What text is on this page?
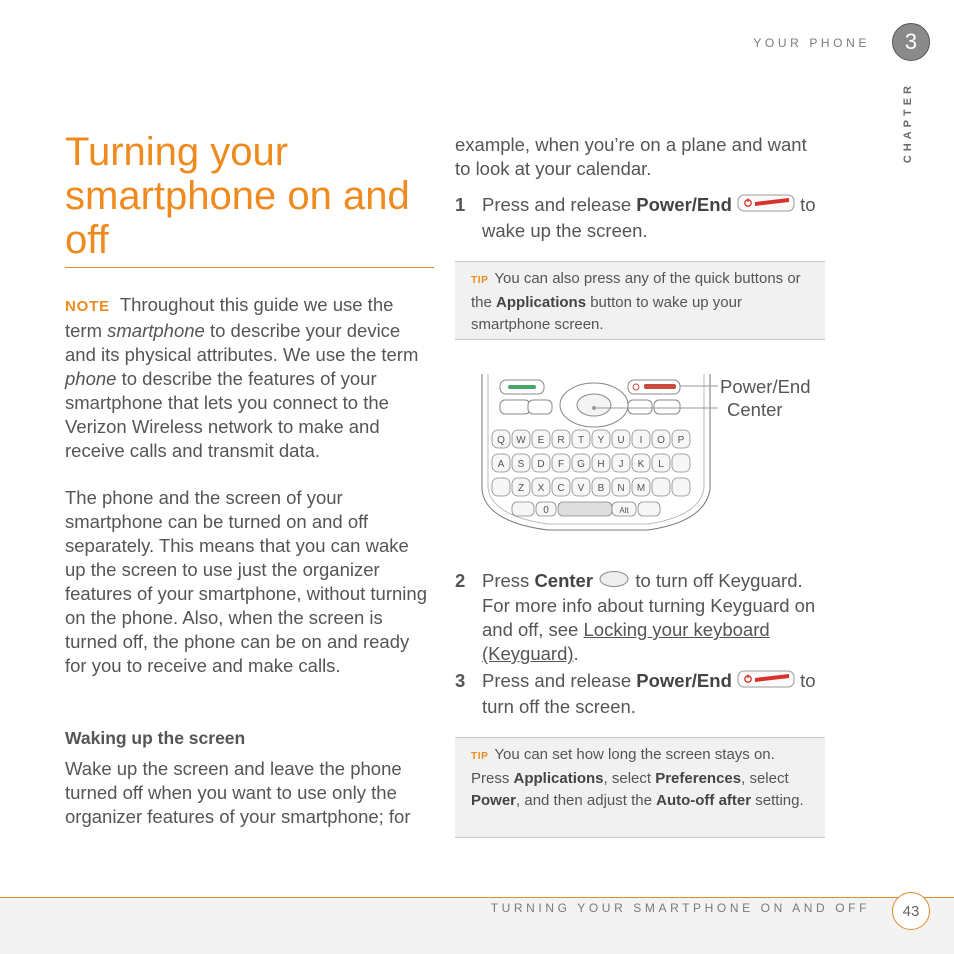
YOUR PHONE	3
CHAPTER
Turning your smartphone on and off
NOTE Throughout this guide we use the term smartphone to describe your device and its physical attributes. We use the term phone to describe the features of your smartphone that lets you connect to the Verizon Wireless network to make and receive calls and transmit data.
The phone and the screen of your smartphone can be turned on and off separately. This means that you can wake up the screen to use just the organizer features of your smartphone, without turning on the phone. Also, when the screen is turned off, the phone can be on and ready for you to receive and make calls.
Waking up the screen
Wake up the screen and leave the phone turned off when you want to use only the organizer features of your smartphone; for
example, when you’re on a plane and want to look at your calendar.
1 Press and release Power/End	to wake up the screen.
TIP You can also press any of the quick buttons or the Applications button to wake up your smartphone screen.
Q W E R T Y U I O P
A S D F G H J K L
Z X C V B N M
Alt
0
Power/End
Center
2 Press Center  to turn off Keyguard. For more info about turning Keyguard on and off, see Locking your keyboard (Keyguard).
3 Press and release Power/End	to turn off the screen.
TIP You can set how long the screen stays on. Press Applications, select Preferences, select Power, and then adjust the Auto-off after setting.
TURNING YOUR SMARTPHONE ON AND OFF	43
